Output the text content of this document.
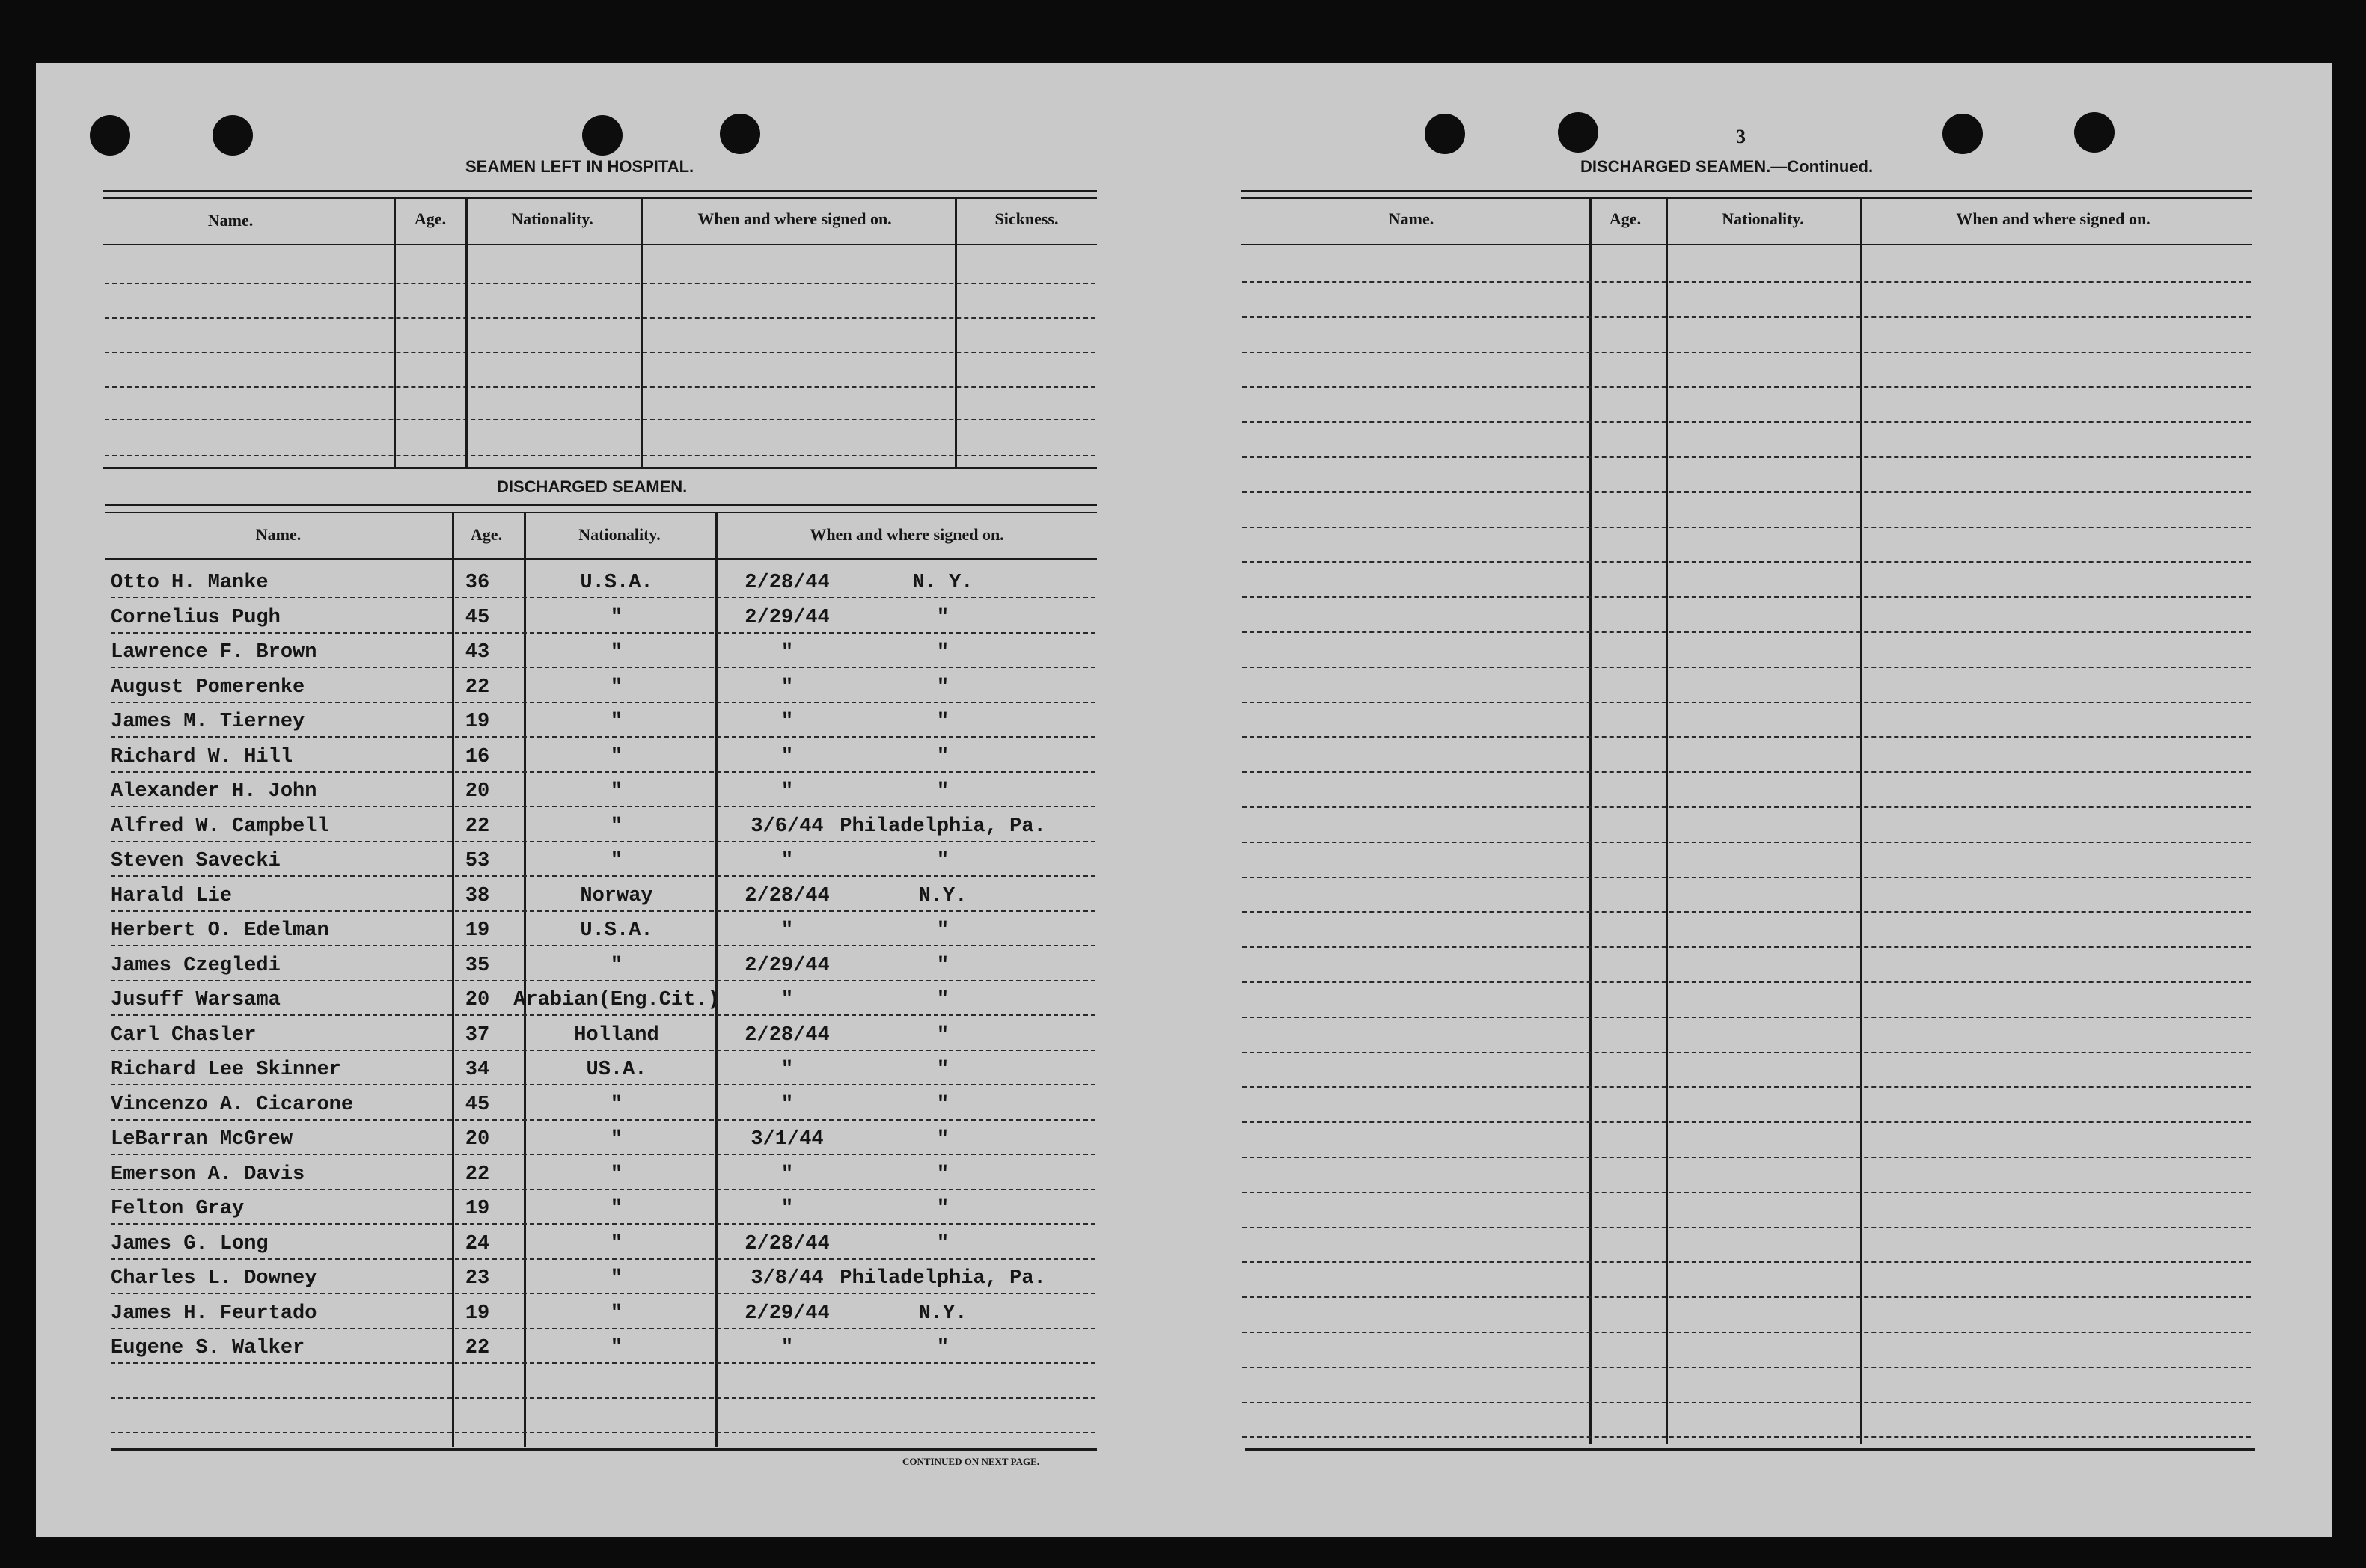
SEAMEN LEFT IN HOSPITAL.
Name.	Age.	Nationality.	When and where signed on.	Sickness.
DISCHARGED SEAMEN.
Name.	Age.	Nationality.	When and where signed on.
Otto H. Manke	36	U.S.A.	2/28/44	N. Y.
Cornelius Pugh	45	"	2/29/44	"
Lawrence F. Brown	43	"	"	"
August Pomerenke	22	"	"	"
James M. Tierney	19	"	"	"
Richard W. Hill	16	"	"	"
Alexander H. John	20	"	"	"
Alfred W. Campbell	22	"	3/6/44 Philadelphia, Pa.
Steven Savecki	53	"	"	"
Harald Lie	38	Norway	2/28/44	N.Y.
Herbert O. Edelman	19	U.S.A.	"	"
James Czegledi	35	"	2/29/44	"
Jusuff Warsama	20 Arabian(Eng.Cit.)	"	"
Carl Chasler	37	Holland	2/28/44	"
Richard Lee Skinner	34	US.A.	"	"
Vincenzo A. Cicarone	45	"	"	"
LeBarran McGrew	20	"	3/1/44	"
Emerson A. Davis	22	"	"	"
Felton Gray	19	"	"	"
James G. Long	24	"	2/28/44	"
Charles L. Downey	23	"	3/8/44 Philadelphia, Pa.
James H. Feurtado	19	"	2/29/44	N.Y.
Eugene S. Walker	22	"	"	"
CONTINUED ON NEXT PAGE.
3
DISCHARGED SEAMEN.—Continued.
Name.	Age.	Nationality.	When and where signed on.
